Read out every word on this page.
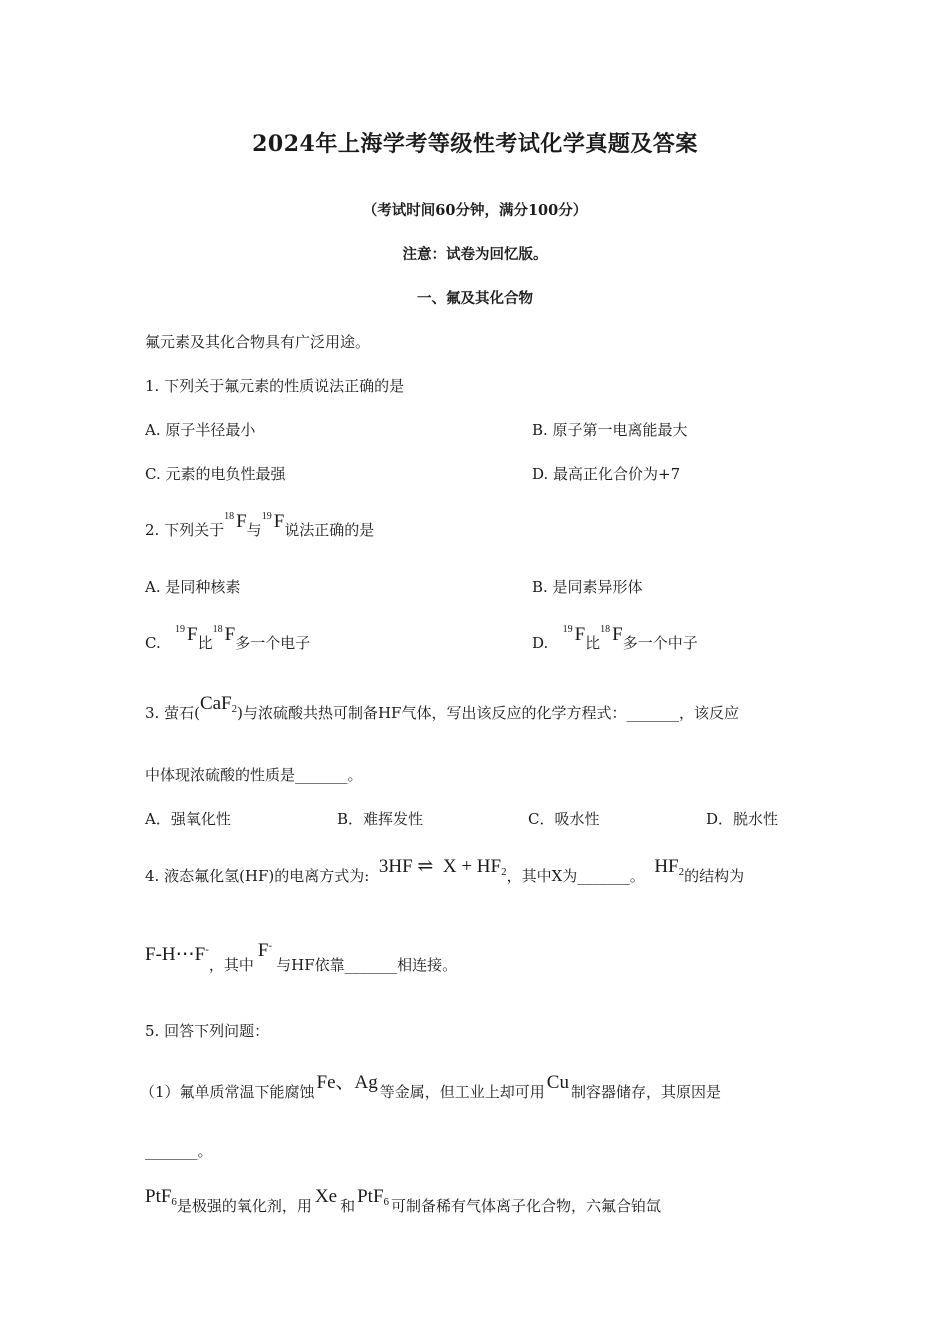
2024年上海学考等级性考试化学真题及答案
（考试时间60分钟，满分100分）
注意：试卷为回忆版。
一、氟及其化合物
氟元素及其化合物具有广泛用途。
1. 下列关于氟元素的性质说法正确的是
A. 原子半径最小	B. 原子第一电离能最大
C. 元素的电负性最强	D. 最高正化合价为+7
2. 下列关于$^{18}$ F与$^{19}$ F说法正确的是
A. 是同种核素	B. 是同素异形体
C.   $^{19}$ F比$^{18}$ F多一个电子	D.   $^{19}$ F比$^{18}$ F多一个中子
3. 萤石(CaF$_2$)与浓硫酸共热可制备HF气体，写出该反应的化学方程式：_______，该反应
中体现浓硫酸的性质是_______。
A．强氧化性	B．难挥发性	C．吸水性	D．脱水性
4. 液态氟化氢(HF)的电离方式为: 3HF ⇌ $X + HF_2$，其中X为_______。 $HF_2$的结构为
F-H⋯F-，其中F-与HF依靠_______相连接。
5. 回答下列问题：
（1）氟单质常温下能腐蚀 Fe、Ag 等金属，但工业上却可用 Cu 制容器储存，其原因是
_______。
PtF$_6$是极强的氧化剂，用 Xe 和 PtF$_6$ 可制备稀有气体离子化合物，六氟合铂氙
